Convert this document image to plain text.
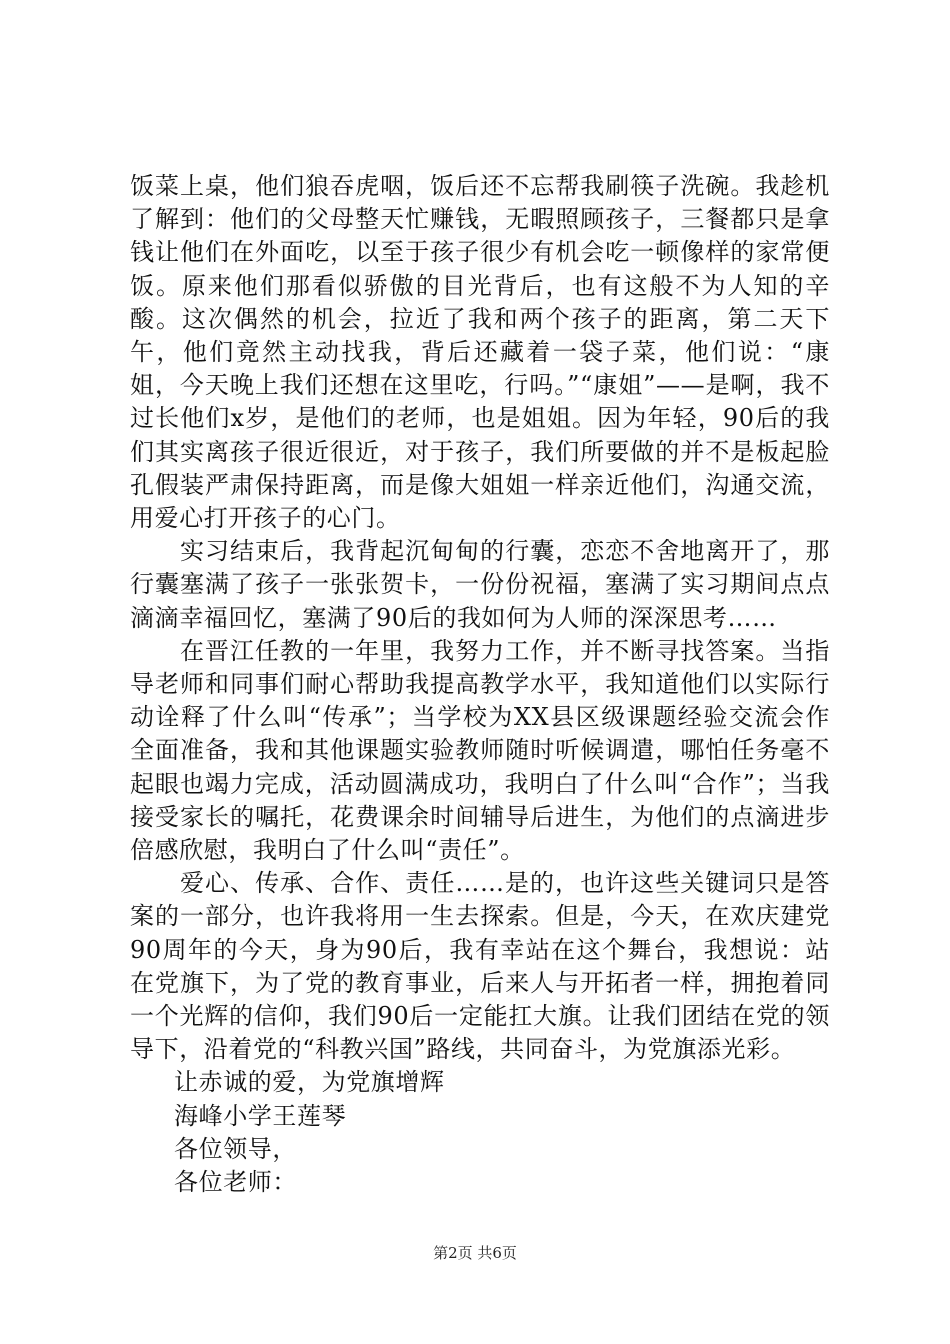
饭菜上桌，他们狼吞虎咽，饭后还不忘帮我刷筷子洗碗。我趁机了解到：他们的父母整天忙赚钱，无暇照顾孩子，三餐都只是拿钱让他们在外面吃，以至于孩子很少有机会吃一顿像样的家常便饭。原来他们那看似骄傲的目光背后，也有这般不为人知的辛酸。这次偶然的机会，拉近了我和两个孩子的距离，第二天下午，他们竟然主动找我，背后还藏着一袋子菜，他们说：“康姐，今天晚上我们还想在这里吃，行吗。”“康姐”——是啊，我不过长他们x岁，是他们的老师，也是姐姐。因为年轻，90后的我们其实离孩子很近很近，对于孩子，我们所要做的并不是板起脸孔假装严肃保持距离，而是像大姐姐一样亲近他们，沟通交流，用爱心打开孩子的心门。

实习结束后，我背起沉甸甸的行囊，恋恋不舍地离开了，那行囊塞满了孩子一张张贺卡，一份份祝福，塞满了实习期间点点滴滴幸福回忆，塞满了90后的我如何为人师的深深思考……

在晋江任教的一年里，我努力工作，并不断寻找答案。当指导老师和同事们耐心帮助我提高教学水平，我知道他们以实际行动诠释了什么叫“传承”；当学校为XX县区级课题经验交流会作全面准备，我和其他课题实验教师随时听候调遣，哪怕任务毫不起眼也竭力完成，活动圆满成功，我明白了什么叫“合作”；当我接受家长的嘱托，花费课余时间辅导后进生，为他们的点滴进步倍感欣慰，我明白了什么叫“责任”。

爱心、传承、合作、责任……是的，也许这些关键词只是答案的一部分，也许我将用一生去探索。但是，今天，在欢庆建党90周年的今天，身为90后，我有幸站在这个舞台，我想说：站在党旗下，为了党的教育事业，后来人与开拓者一样，拥抱着同一个光辉的信仰，我们90后一定能扛大旗。让我们团结在党的领导下，沿着党的“科教兴国”路线，共同奋斗，为党旗添光彩。

让赤诚的爱，为党旗增辉

海峰小学王莲琴

各位领导，

各位老师：

第2页 共6页
